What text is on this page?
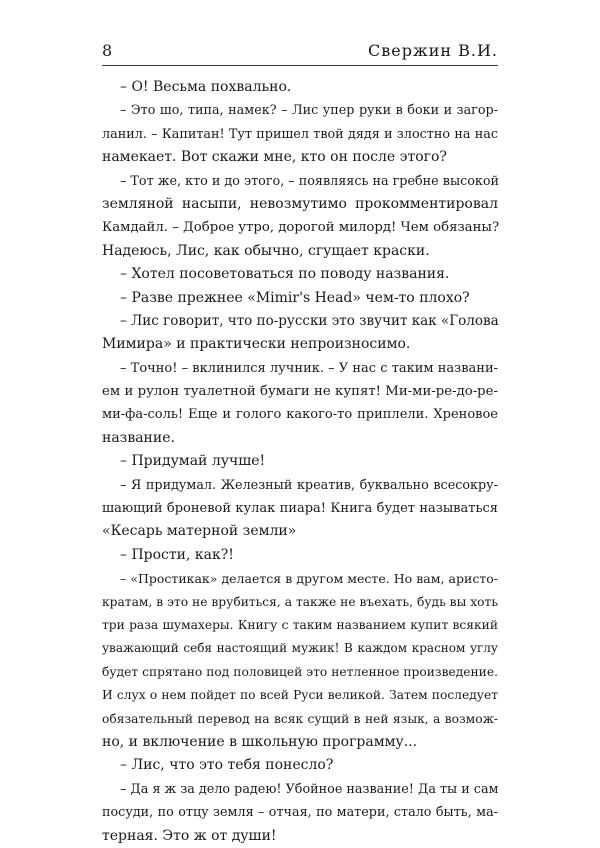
8	Свержин В.И.
– О! Весьма похвально.
– Это шо, типа, намек? – Лис упер руки в боки и загор-
ланил. – Капитан! Тут пришел твой дядя и злостно на нас
намекает. Вот скажи мне, кто он после этого?
– Тот же, кто и до этого, – появляясь на гребне высокой
земляной насыпи, невозмутимо прокомментировал
Камдайл. – Доброе утро, дорогой милорд! Чем обязаны?
Надеюсь, Лис, как обычно, сгущает краски.
– Хотел посоветоваться по поводу названия.
– Разве прежнее «Mimir's Head» чем-то плохо?
– Лис говорит, что по-русски это звучит как «Голова
Мимира» и практически непроизносимо.
– Точно! – вклинился лучник. – У нас с таким названи-
ем и рулон туалетной бумаги не купят! Ми-ми-ре-до-ре-
ми-фа-соль! Еще и голого какого-то приплели. Хреновое
название.
– Придумай лучше!
– Я придумал. Железный креатив, буквально всесокру-
шающий броневой кулак пиара! Книга будет называться
«Кесарь матерной земли»
– Прости, как?!
– «Простикак» делается в другом месте. Но вам, аристо-
кратам, в это не врубиться, а также не въехать, будь вы хоть
три раза шумахеры. Книгу с таким названием купит всякий
уважающий себя настоящий мужик! В каждом красном углу
будет спрятано под половицей это нетленное произведение.
И слух о нем пойдет по всей Руси великой. Затем последует
обязательный перевод на всяк сущий в ней язык, а возмож-
но, и включение в школьную программу...
– Лис, что это тебя понесло?
– Да я ж за дело радею! Убойное название! Да ты и сам
посуди, по отцу земля – отчая, по матери, стало быть, ма-
терная. Это ж от души!
